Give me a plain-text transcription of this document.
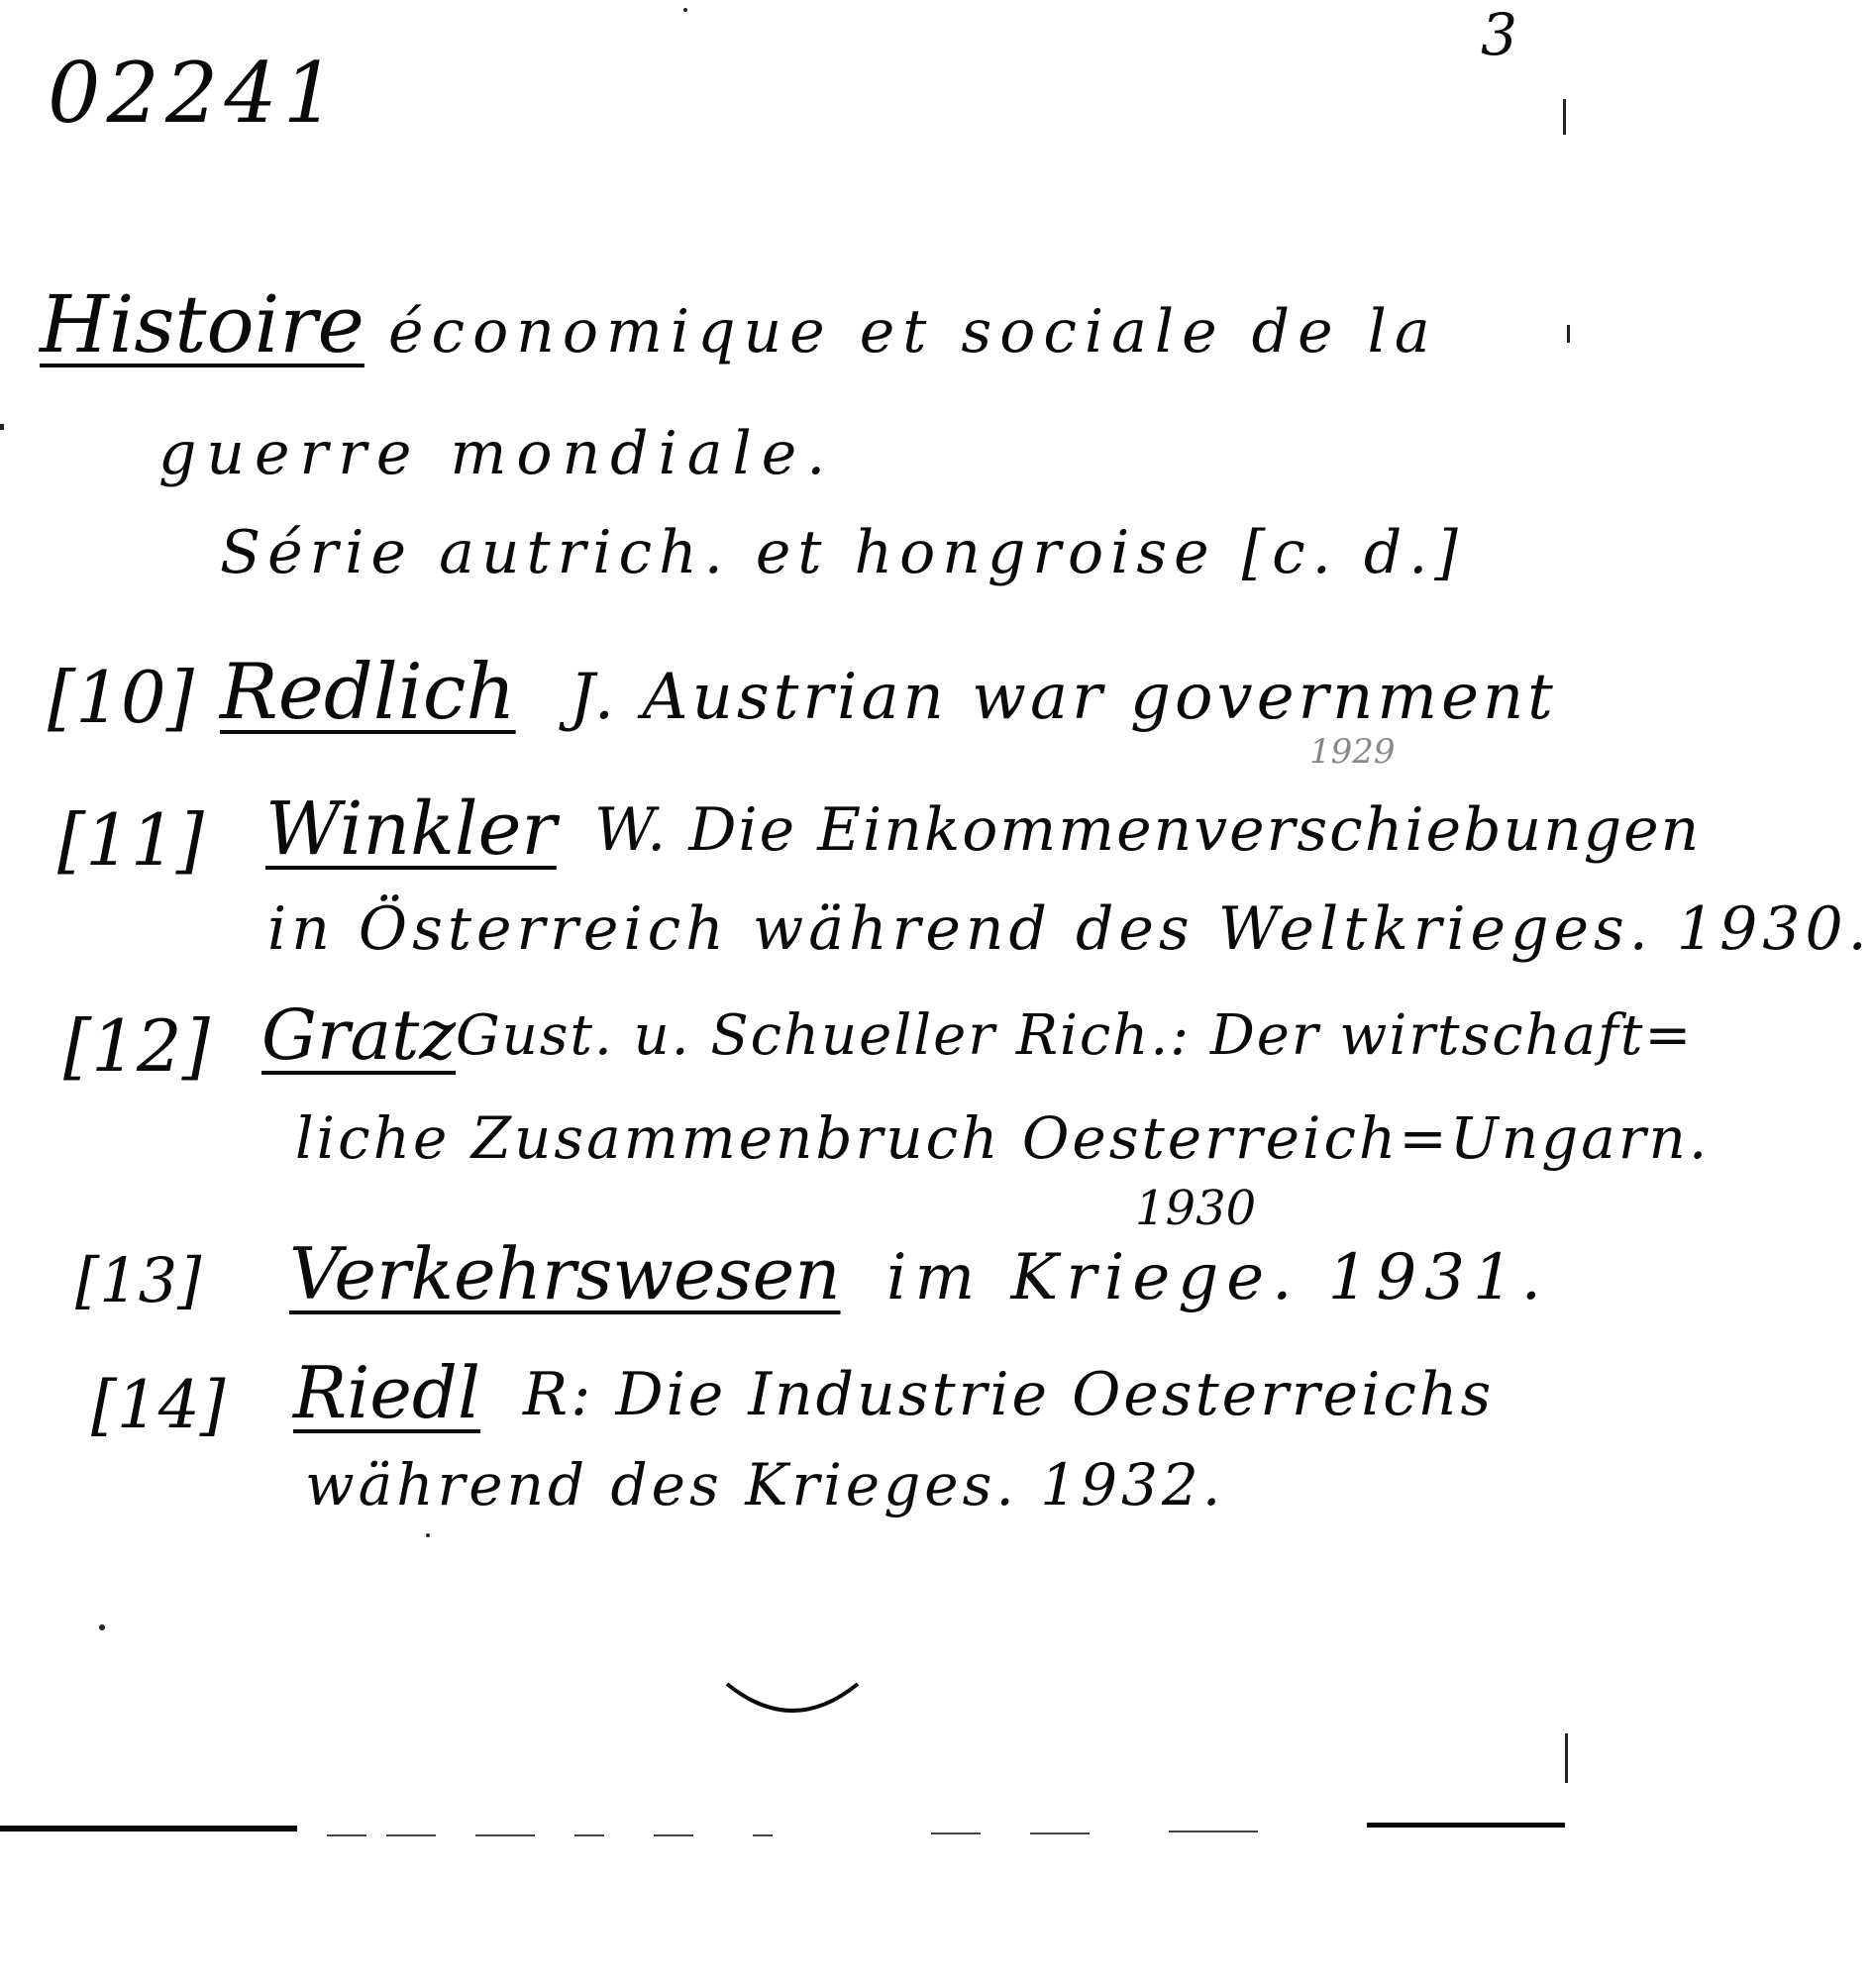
02241
3
Histoire économique et sociale de la
guerre mondiale.
Série autrich. et hongroise [c. d.]
[10] Redlich J. Austrian war government
1929
[11] Winkler W. Die Einkommenverschiebungen
in Österreich während des Weltkrieges. 1930.
[12] Gratz Gust. u. Schueller Rich.: Der wirtschaft=
liche Zusammenbruch Oesterreich=Ungarn.
1930
[13] Verkehrswesen im Kriege. 1931.
[14] Riedl R: Die Industrie Oesterreichs
während des Krieges. 1932.
